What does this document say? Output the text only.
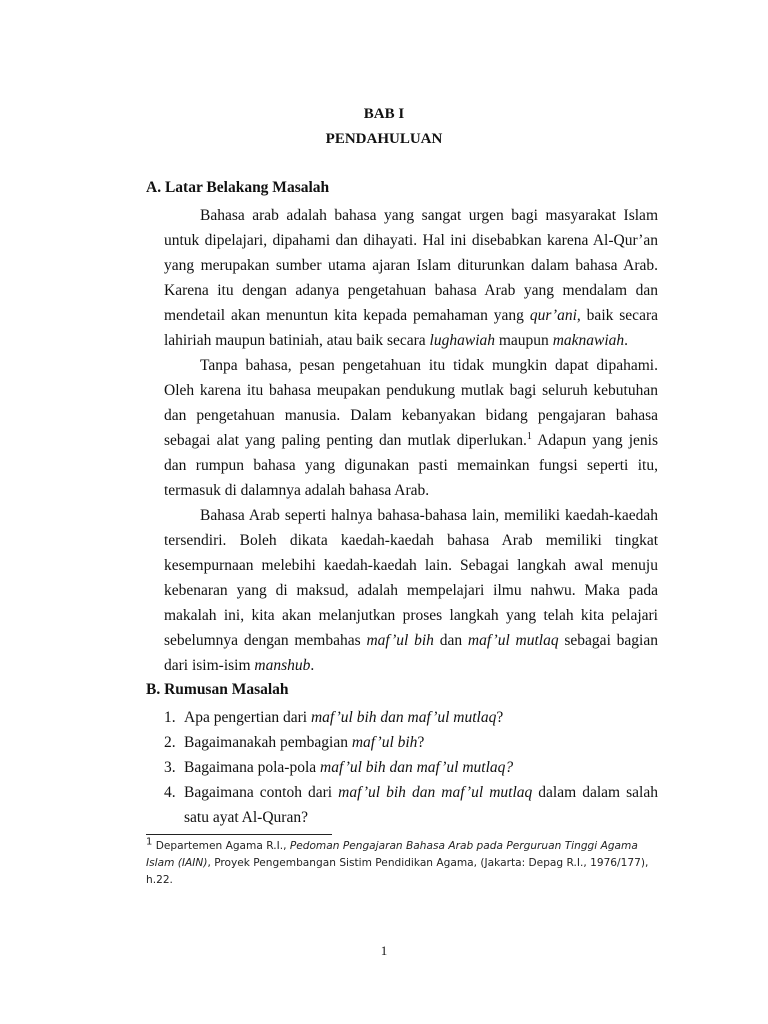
BAB I
PENDAHULUAN
A. Latar Belakang Masalah
Bahasa arab adalah bahasa yang sangat urgen bagi masyarakat Islam untuk dipelajari, dipahami dan dihayati. Hal ini disebabkan karena Al-Qur’an yang merupakan sumber utama ajaran Islam diturunkan dalam bahasa Arab. Karena itu dengan adanya pengetahuan bahasa Arab yang mendalam dan mendetail akan menuntun kita kepada pemahaman yang qur’ani, baik secara lahiriah maupun batiniah, atau baik secara lughawiah maupun maknawiah.
Tanpa bahasa, pesan pengetahuan itu tidak mungkin dapat dipahami. Oleh karena itu bahasa meupakan pendukung mutlak bagi seluruh kebutuhan dan pengetahuan manusia. Dalam kebanyakan bidang pengajaran bahasa sebagai alat yang paling penting dan mutlak diperlukan.$^1$ Adapun yang jenis dan rumpun bahasa yang digunakan pasti memainkan fungsi seperti itu, termasuk di dalamnya adalah bahasa Arab.
Bahasa Arab seperti halnya bahasa-bahasa lain, memiliki kaedah-kaedah tersendiri. Boleh dikata kaedah-kaedah bahasa Arab memiliki tingkat kesempurnaan melebihi kaedah-kaedah lain. Sebagai langkah awal menuju kebenaran yang di maksud, adalah mempelajari ilmu nahwu. Maka pada makalah ini, kita akan melanjutkan proses langkah yang telah kita pelajari sebelumnya dengan membahas maf’ul bih dan maf’ul mutlaq sebagai bagian dari isim-isim manshub.
B. Rumusan Masalah
1. Apa pengertian dari maf’ul bih dan maf’ul mutlaq?
2. Bagaimanakah pembagian maf’ul bih?
3. Bagaimana pola-pola maf’ul bih dan maf’ul mutlaq?
4. Bagaimana contoh dari maf’ul bih dan maf’ul mutlaq dalam dalam salah satu ayat Al-Quran?
$^1$ Departemen Agama R.I., Pedoman Pengajaran Bahasa Arab pada Perguruan Tinggi Agama Islam (IAIN), Proyek Pengembangan Sistim Pendidikan Agama, (Jakarta: Depag R.I., 1976/177), h.22.
1
